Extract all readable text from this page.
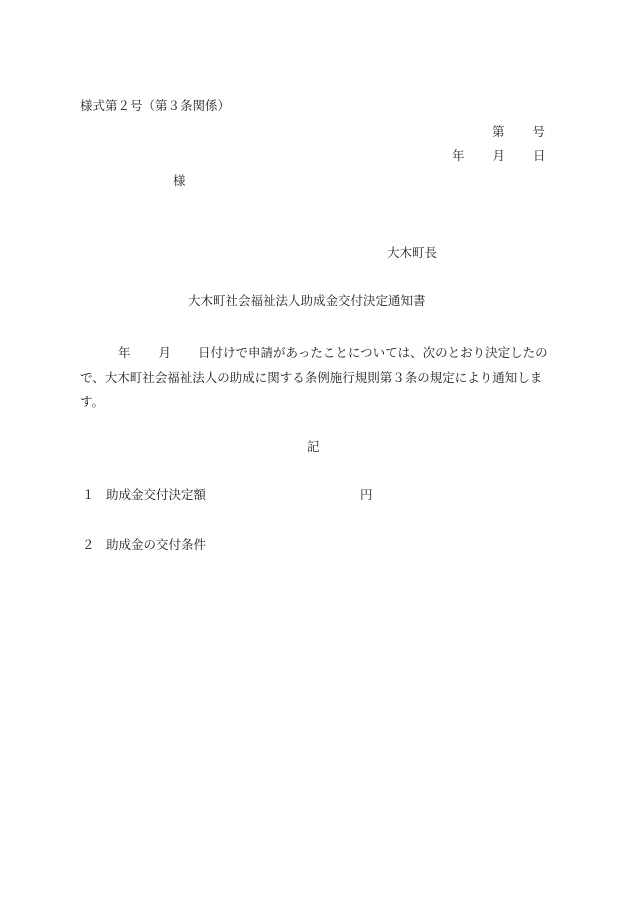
様式第２号（第３条関係）
第 号
年 月 日
様
大木町長
大木町社会福祉法人助成金交付決定通知書
年 月 日付けで申請があったことについては、次のとおり決定したので、大木町社会福祉法人の助成に関する条例施行規則第３条の規定により通知します。
記
１ 助成金交付決定額	円
２ 助成金の交付条件
